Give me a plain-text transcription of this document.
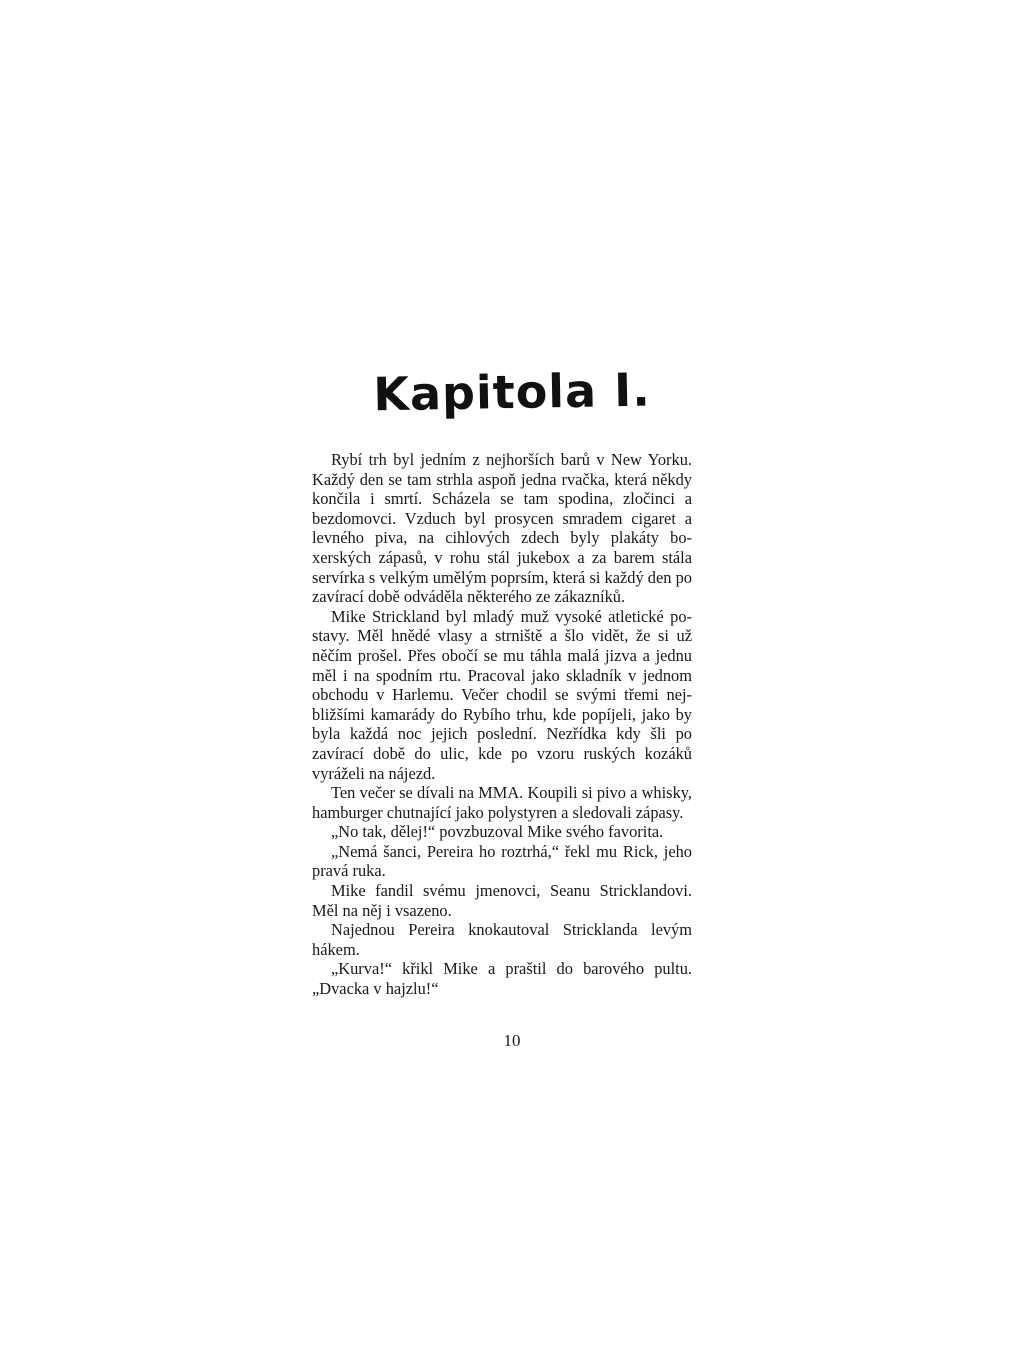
Kapitola I.

Rybí trh byl jedním z nejhorších barů v New Yorku. Každý den se tam strhla aspoň jedna rvačka, která někdy končila i smrtí. Scházela se tam spodina, zločinci a bezdomovci. Vzduch byl prosycen smradem cigaret a levného piva, na cihlových zdech byly plakáty boxerských zápasů, v rohu stál jukebox a za barem stála servírka s velkým umělým poprsím, která si každý den po zavírací době odváděla některého ze zákazníků.

Mike Strickland byl mladý muž vysoké atletické postavy. Měl hnědé vlasy a strniště a šlo vidět, že si už něčím prošel. Přes obočí se mu táhla malá jizva a jednu měl i na spodním rtu. Pracoval jako skladník v jednom obchodu v Harlemu. Večer chodil se svými třemi nejbližšími kamarády do Rybího trhu, kde popíjeli, jako by byla každá noc jejich poslední. Nezřídka kdy šli po zavírací době do ulic, kde po vzoru ruských kozáků vyráželi na nájezd.

Ten večer se dívali na MMA. Koupili si pivo a whisky, hamburger chutnající jako polystyren a sledovali zápasy.

„No tak, dělej!“ povzbuzoval Mike svého favorita.

„Nemá šanci, Pereira ho roztrhá,“ řekl mu Rick, jeho pravá ruka.

Mike fandil svému jmenovci, Seanu Stricklandovi. Měl na něj i vsazeno.

Najednou Pereira knokautoval Stricklanda levým hákem.

„Kurva!“ křikl Mike a praštil do barového pultu. „Dvacka v hajzlu!“

10
